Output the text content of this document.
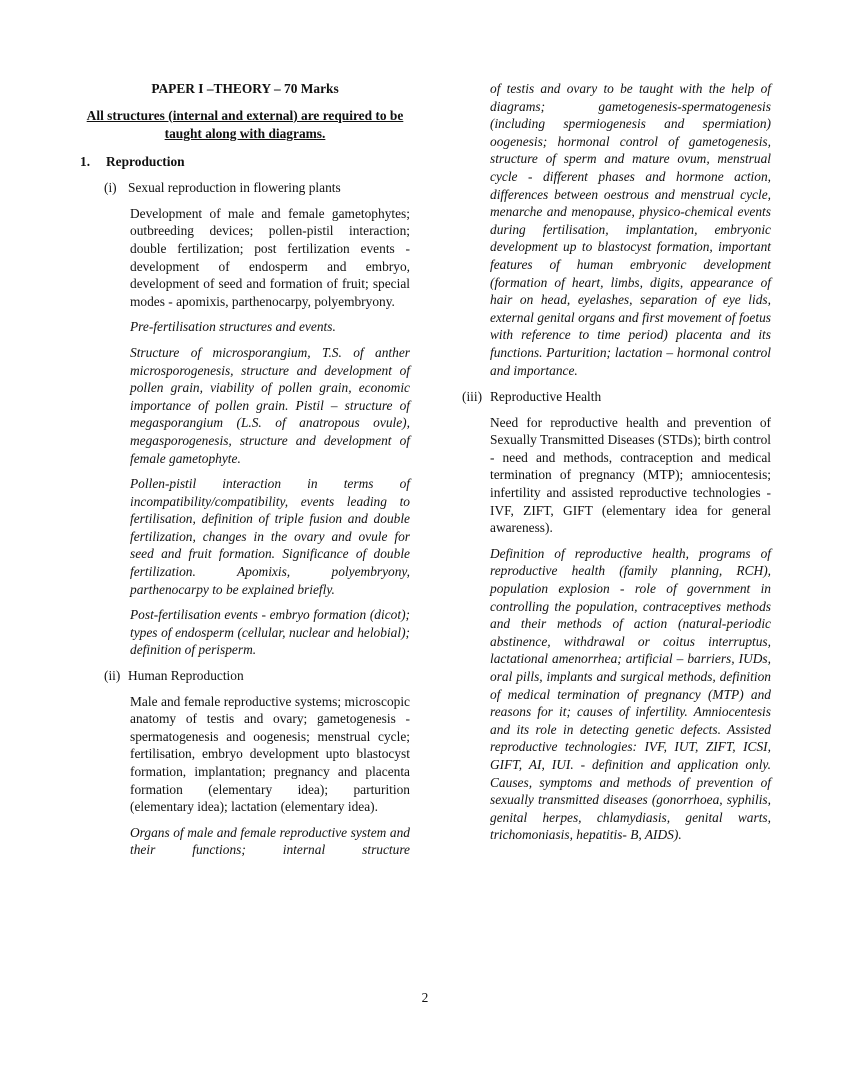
PAPER I –THEORY – 70 Marks
All structures (internal and external) are required to be taught along with diagrams.
1.	Reproduction
(i) Sexual reproduction in flowering plants
Development of male and female gametophytes; outbreeding devices; pollen-pistil interaction; double fertilization; post fertilization events - development of endosperm and embryo, development of seed and formation of fruit; special modes - apomixis, parthenocarpy, polyembryony.
Pre-fertilisation structures and events.
Structure of microsporangium, T.S. of anther microsporogenesis, structure and development of pollen grain, viability of pollen grain, economic importance of pollen grain. Pistil – structure of megasporangium (L.S. of anatropous ovule), megasporogenesis, structure and development of female gametophyte.
Pollen-pistil interaction in terms of incompatibility/compatibility, events leading to fertilisation, definition of triple fusion and double fertilization, changes in the ovary and ovule for seed and fruit formation. Significance of double fertilization. Apomixis, polyembryony, parthenocarpy to be explained briefly.
Post-fertilisation events - embryo formation (dicot); types of endosperm (cellular, nuclear and helobial); definition of perisperm.
(ii) Human Reproduction
Male and female reproductive systems; microscopic anatomy of testis and ovary; gametogenesis - spermatogenesis and oogenesis; menstrual cycle; fertilisation, embryo development upto blastocyst formation, implantation; pregnancy and placenta formation (elementary idea); parturition (elementary idea); lactation (elementary idea).
Organs of male and female reproductive system and their functions; internal structure
of testis and ovary to be taught with the help of diagrams; gametogenesis-spermatogenesis (including spermiogenesis and spermiation) oogenesis; hormonal control of gametogenesis, structure of sperm and mature ovum, menstrual cycle - different phases and hormone action, differences between oestrous and menstrual cycle, menarche and menopause, physico-chemical events during fertilisation, implantation, embryonic development up to blastocyst formation, important features of human embryonic development (formation of heart, limbs, digits, appearance of hair on head, eyelashes, separation of eye lids, external genital organs and first movement of foetus with reference to time period) placenta and its functions. Parturition; lactation – hormonal control and importance.
(iii) Reproductive Health
Need for reproductive health and prevention of Sexually Transmitted Diseases (STDs); birth control - need and methods, contraception and medical termination of pregnancy (MTP); amniocentesis; infertility and assisted reproductive technologies - IVF, ZIFT, GIFT (elementary idea for general awareness).
Definition of reproductive health, programs of reproductive health (family planning, RCH), population explosion - role of government in controlling the population, contraceptives methods and their methods of action (natural-periodic abstinence, withdrawal or coitus interruptus, lactational amenorrhea; artificial – barriers, IUDs, oral pills, implants and surgical methods, definition of medical termination of pregnancy (MTP) and reasons for it; causes of infertility. Amniocentesis and its role in detecting genetic defects. Assisted reproductive technologies: IVF, IUT, ZIFT, ICSI, GIFT, AI, IUI. - definition and application only. Causes, symptoms and methods of prevention of sexually transmitted diseases (gonorrhoea, syphilis, genital herpes, chlamydiasis, genital warts, trichomoniasis, hepatitis- B, AIDS).
2
